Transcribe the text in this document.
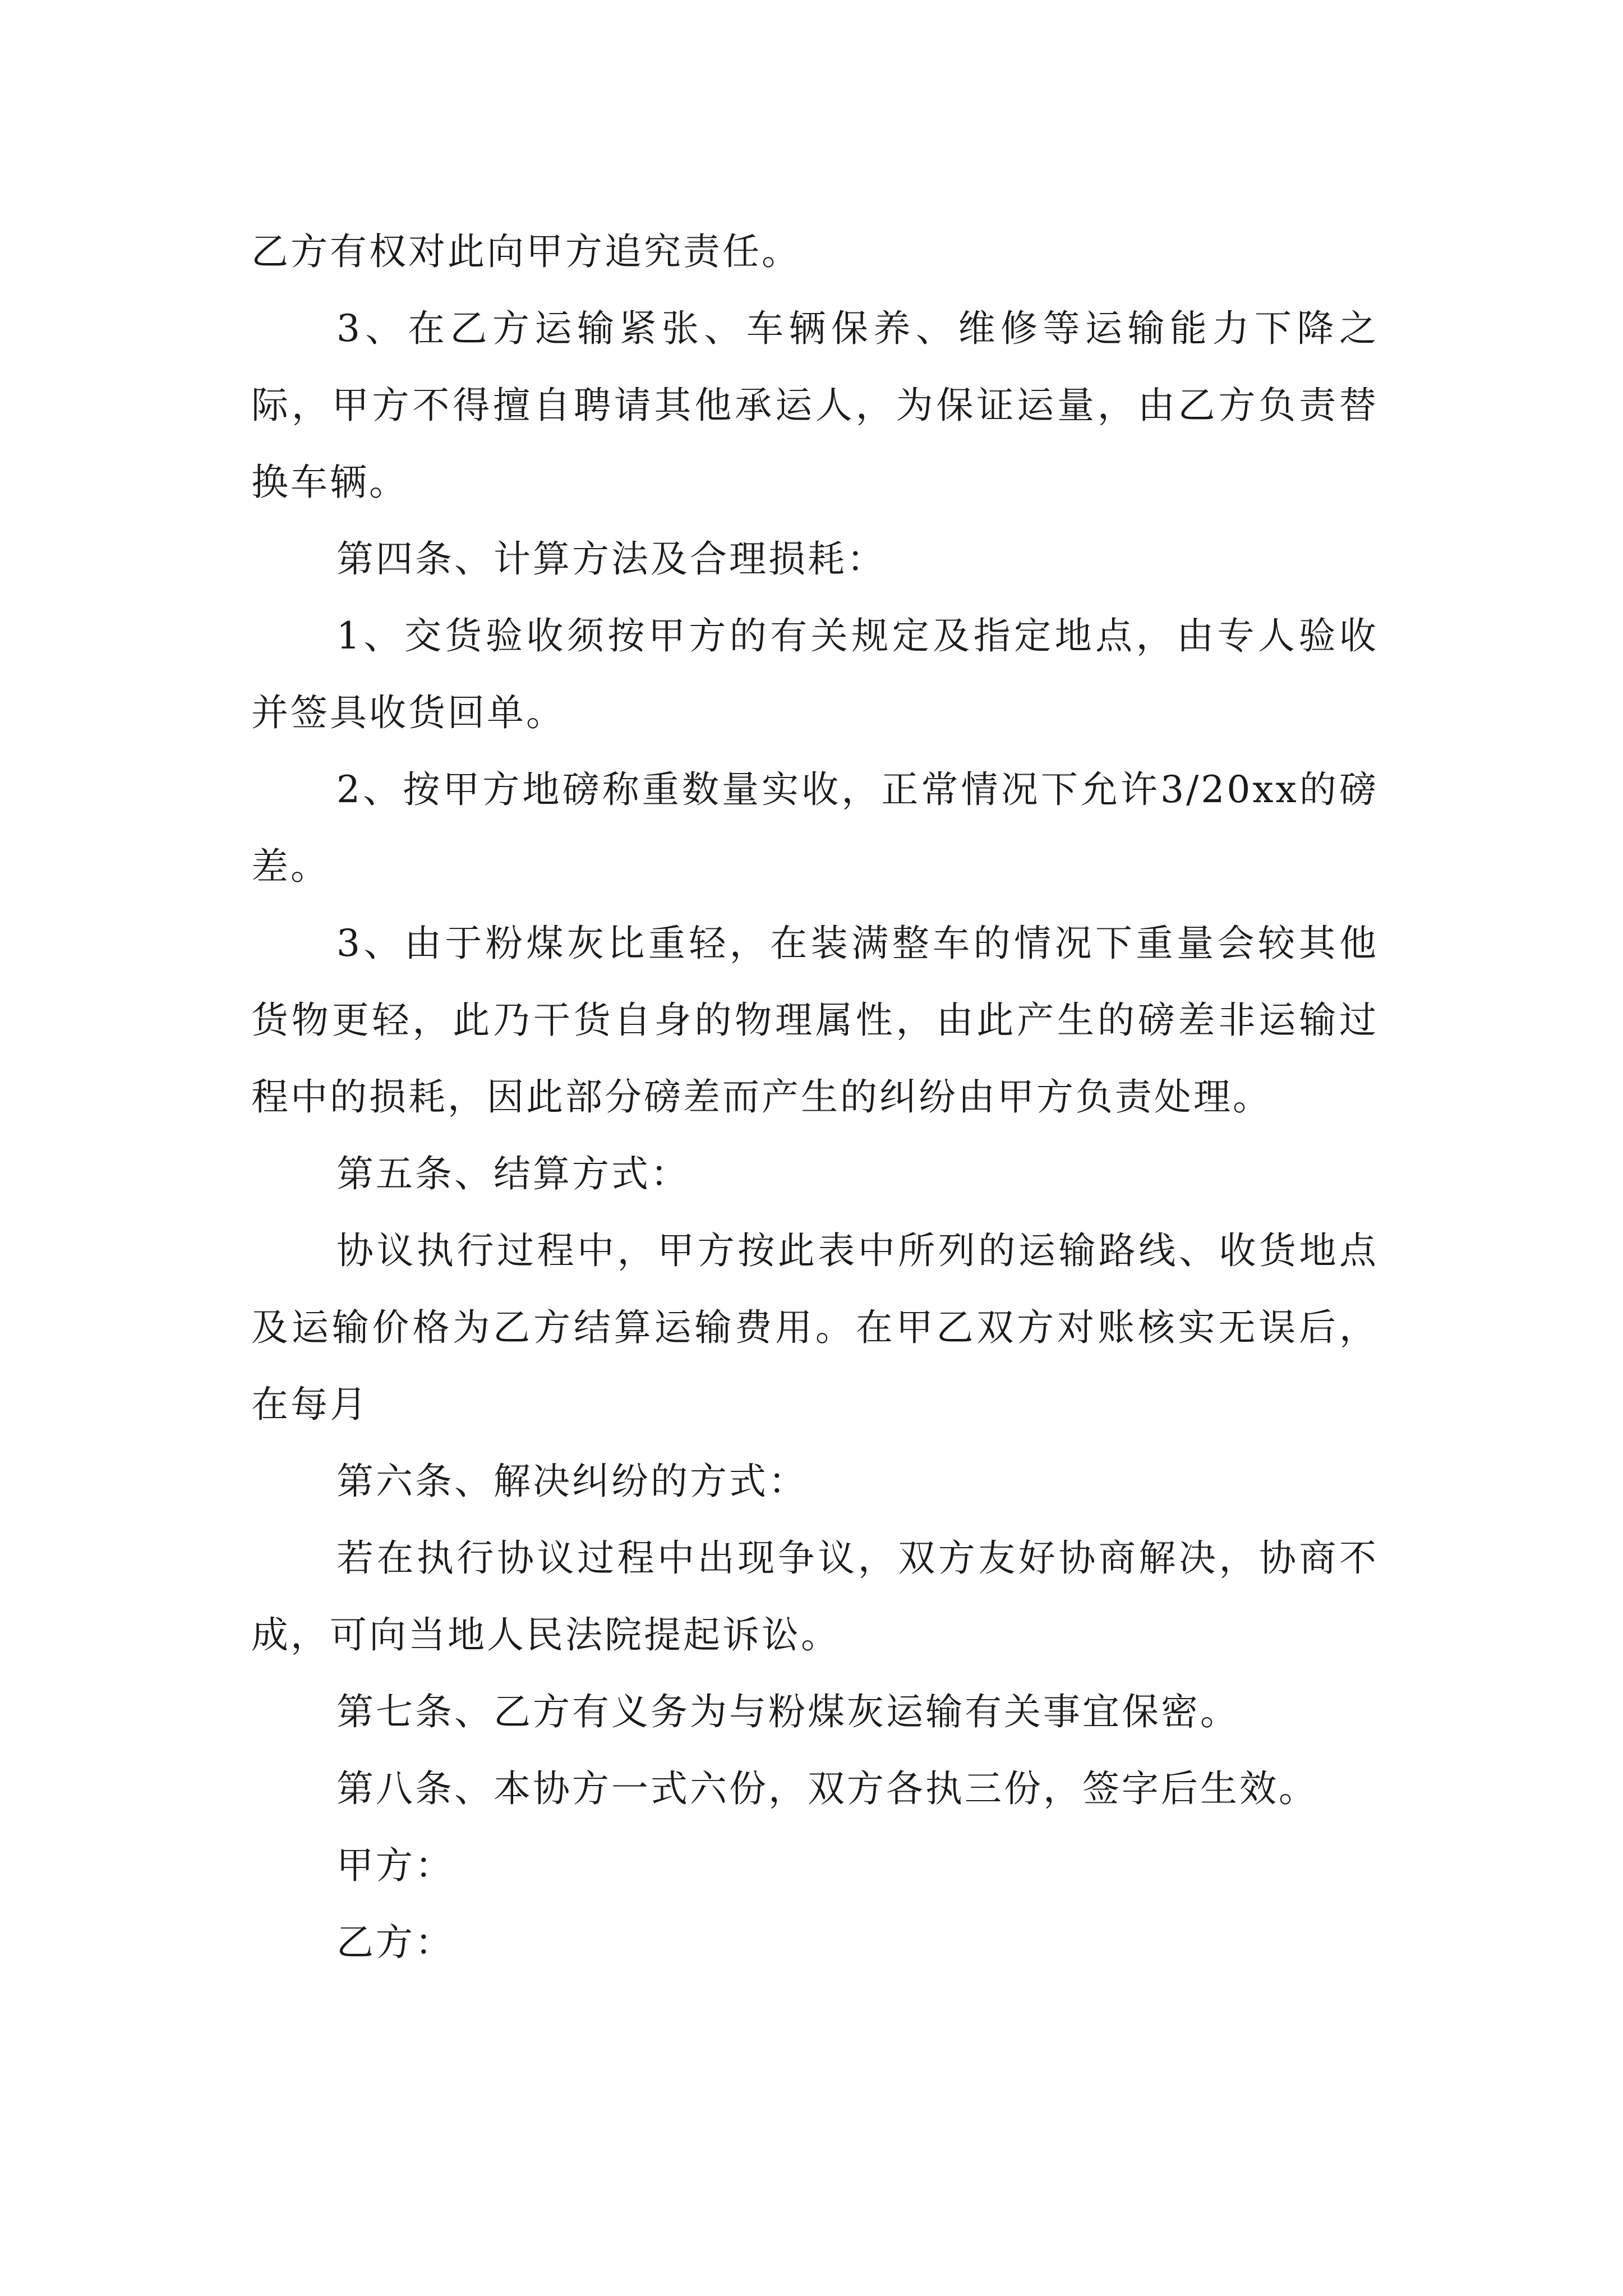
乙方有权对此向甲方追究责任。

3、在乙方运输紧张、车辆保养、维修等运输能力下降之际，甲方不得擅自聘请其他承运人，为保证运量，由乙方负责替换车辆。

第四条、计算方法及合理损耗：

1、交货验收须按甲方的有关规定及指定地点，由专人验收并签具收货回单。

2、按甲方地磅称重数量实收，正常情况下允许3/20xx的磅差。

3、由于粉煤灰比重轻，在装满整车的情况下重量会较其他货物更轻，此乃干货自身的物理属性，由此产生的磅差非运输过程中的损耗，因此部分磅差而产生的纠纷由甲方负责处理。

第五条、结算方式：

协议执行过程中，甲方按此表中所列的运输路线、收货地点及运输价格为乙方结算运输费用。在甲乙双方对账核实无误后，在每月

第六条、解决纠纷的方式：

若在执行协议过程中出现争议，双方友好协商解决，协商不成，可向当地人民法院提起诉讼。

第七条、乙方有义务为与粉煤灰运输有关事宜保密。

第八条、本协方一式六份，双方各执三份，签字后生效。

甲方：

乙方：
